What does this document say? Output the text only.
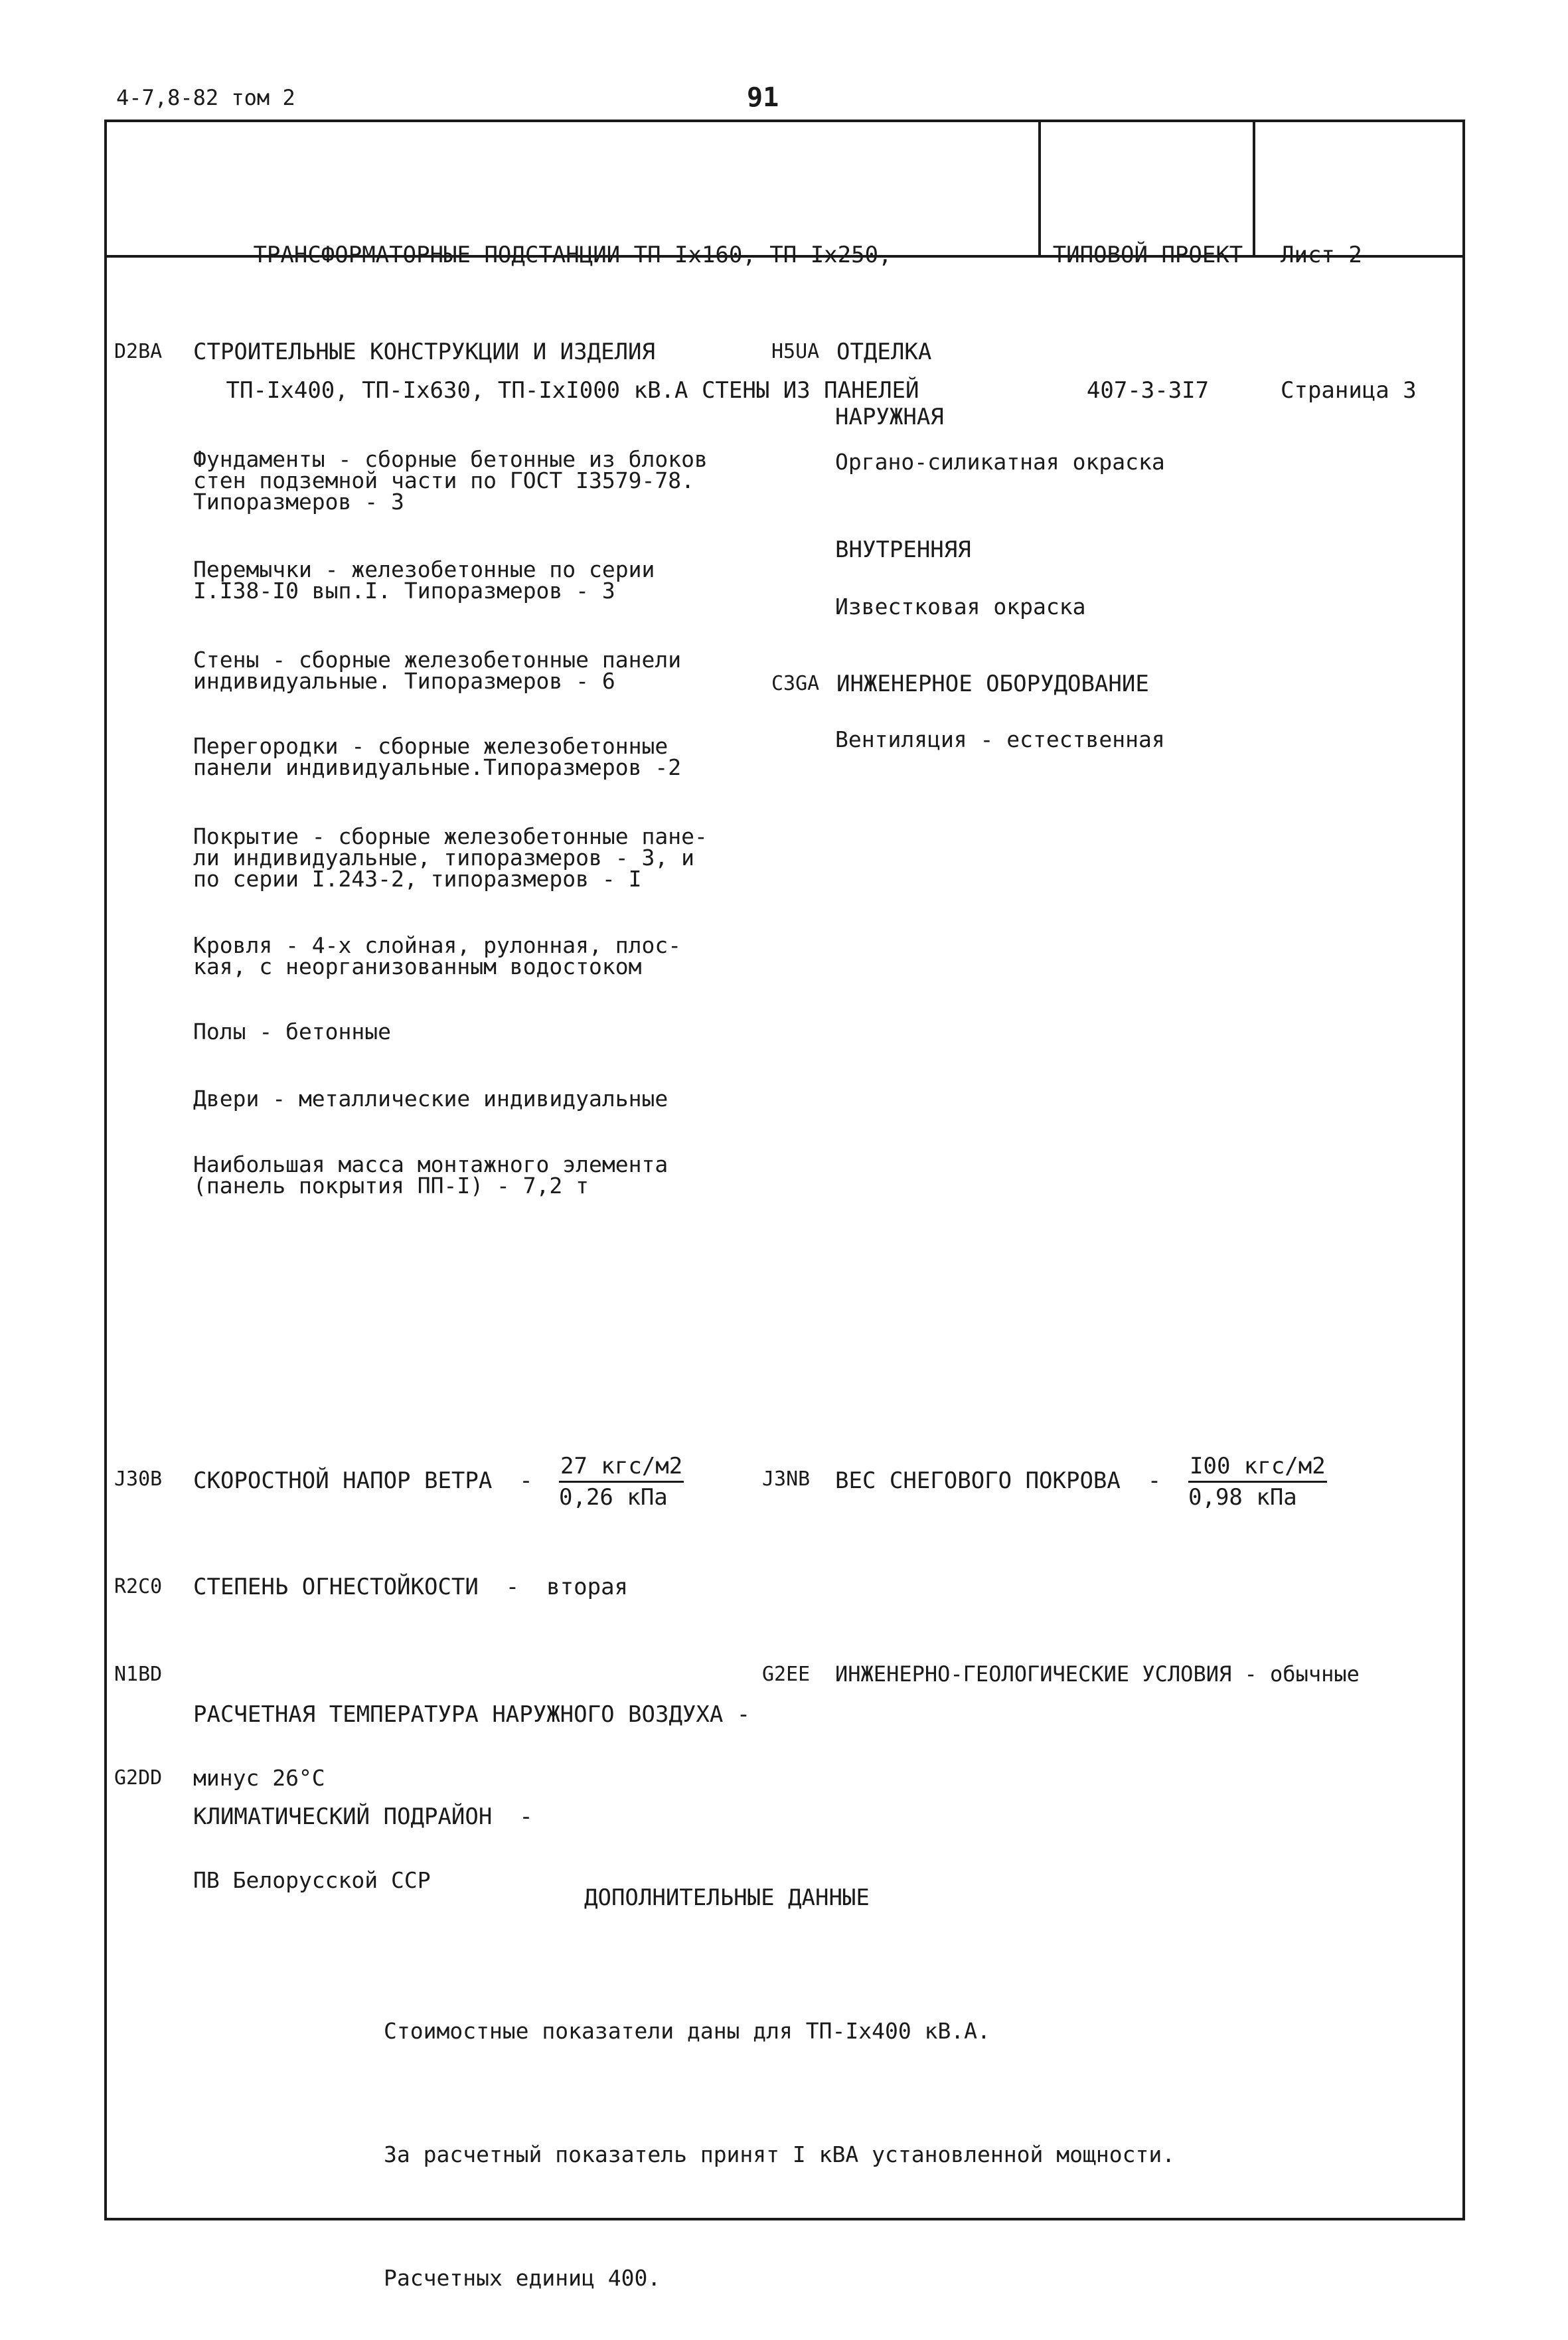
4-7,8-82 том 2	91

ТРАНСФОРМАТОРНЫЕ ПОДСТАНЦИИ ТП-Iх160, ТП-Iх250,

ТП-Iх400, ТП-Iх630, ТП-IхI000 кВ.А СТЕНЫ ИЗ ПАНЕЛЕЙ

ТИПОВОЙ ПРОЕКТ

407-3-3I7

Лист 2

Страница 3

D2BA СТРОИТЕЛЬНЫЕ КОНСТРУКЦИИ И ИЗДЕЛИЯ

Фундаменты - сборные бетонные из блоков
стен подземной части по ГОСТ I3579-78.
Типоразмеров - 3

Перемычки - железобетонные по серии
I.I38-I0 вып.I. Типоразмеров - 3

Стены - сборные железобетонные панели
индивидуальные. Типоразмеров - 6

Перегородки - сборные железобетонные
панели индивидуальные.Типоразмеров -2

Покрытие - сборные железобетонные пане-
ли индивидуальные, типоразмеров - 3, и
по серии I.243-2, типоразмеров - I

Кровля - 4-х слойная, рулонная, плос-
кая, с неорганизованным водостоком

Полы - бетонные

Двери - металлические индивидуальные

Наибольшая масса монтажного элемента
(панель покрытия ПП-I) - 7,2 т

H5UA ОТДЕЛКА
НАРУЖНАЯ
Органо-силикатная окраска
ВНУТРЕННЯЯ
Известковая окраска
C3GA ИНЖЕНЕРНОЕ ОБОРУДОВАНИЕ
Вентиляция - естественная
J30B СКОРОСТНОЙ НАПОР ВЕТРА  -
27 кгс/м2
0,26 кПа
J3NB ВЕС СНЕГОВОГО ПОКРОВА  -
I00 кгс/м2
0,98 кПа
R2C0 СТЕПЕНЬ ОГНЕСТОЙКОСТИ  -  вторая
N1BD

РАСЧЕТНАЯ ТЕМПЕРАТУРА НАРУЖНОГО ВОЗДУХА -

минус 26°С

G2EE ИНЖЕНЕРНО-ГЕОЛОГИЧЕСКИЕ УСЛОВИЯ - обычные
G2DD

КЛИМАТИЧЕСКИЙ ПОДРАЙОН  -

ПВ Белорусской ССР

ДОПОЛНИТЕЛЬНЫЕ ДАННЫЕ

Стоимостные показатели даны для ТП-Iх400 кВ.А.

За расчетный показатель принят I кВА установленной мощности.

Расчетных единиц 400.
